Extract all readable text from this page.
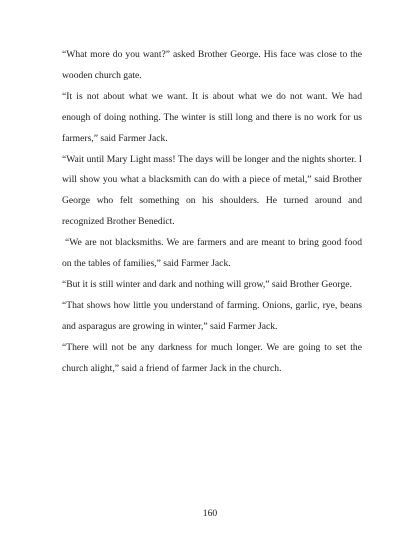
“What more do you want?” asked Brother George. His face was close to the wooden church gate.

“It is not about what we want. It is about what we do not want. We had enough of doing nothing. The winter is still long and there is no work for us farmers,” said Farmer Jack.

“Wait until Mary Light mass! The days will be longer and the nights shorter. I will show you what a blacksmith can do with a piece of metal,” said Brother George who felt something on his shoulders. He turned around and recognized Brother Benedict.

“We are not blacksmiths. We are farmers and are meant to bring good food on the tables of families,” said Farmer Jack.

“But it is still winter and dark and nothing will grow,” said Brother George.

“That shows how little you understand of farming. Onions, garlic, rye, beans and asparagus are growing in winter,” said Farmer Jack.

“There will not be any darkness for much longer. We are going to set the church alight,” said a friend of farmer Jack in the church.

160
